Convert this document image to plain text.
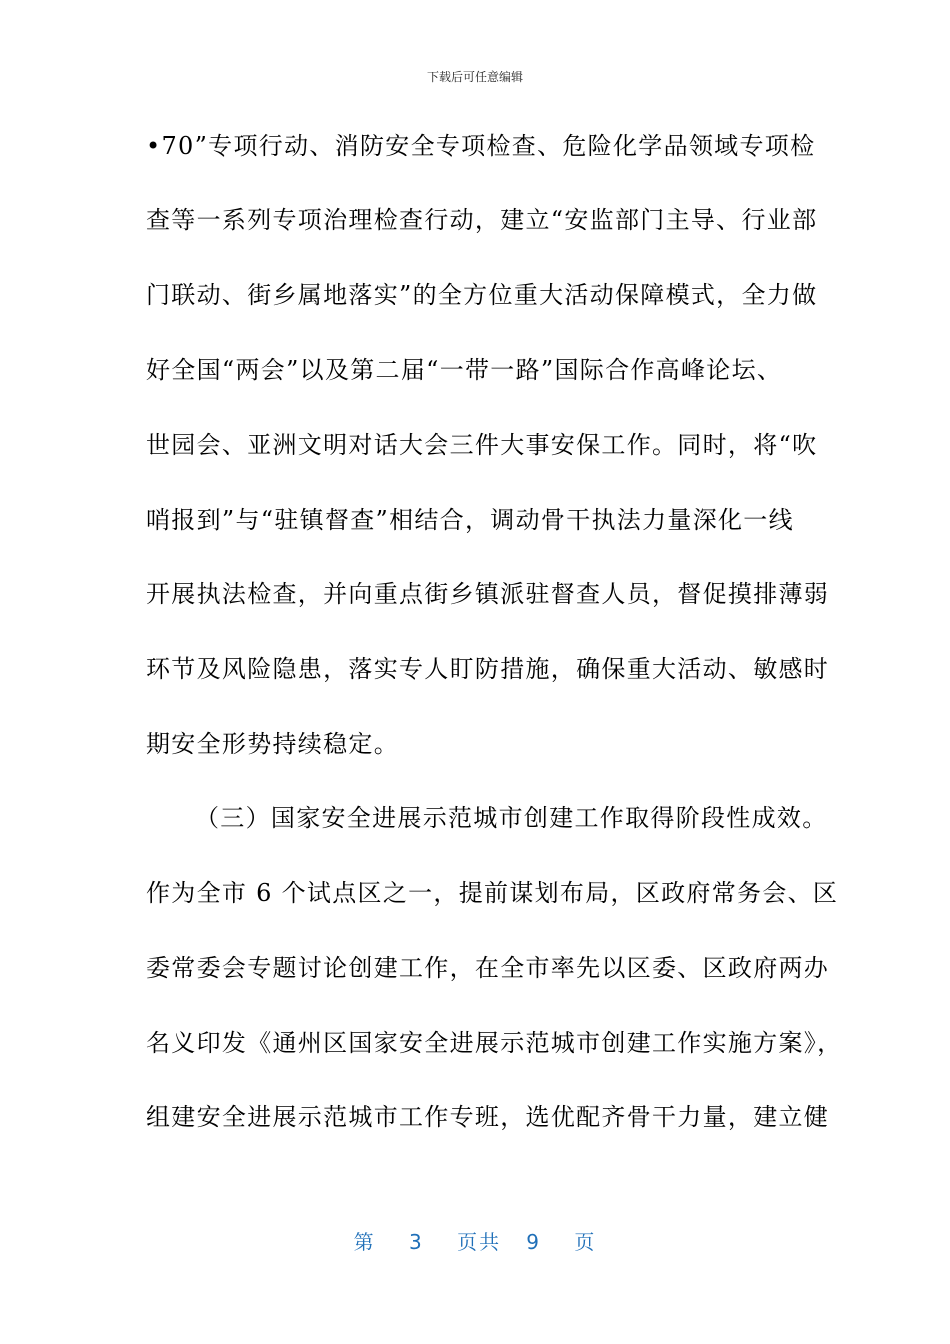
下载后可任意编辑
•70”专项行动、消防安全专项检查、危险化学品领域专项检
查等一系列专项治理检查行动，建立“安监部门主导、行业部
门联动、街乡属地落实”的全方位重大活动保障模式，全力做
好全国“两会”以及第二届“一带一路”国际合作高峰论坛、
世园会、亚洲文明对话大会三件大事安保工作。同时，将“吹
哨报到”与“驻镇督查”相结合，调动骨干执法力量深化一线
开展执法检查，并向重点街乡镇派驻督查人员，督促摸排薄弱
环节及风险隐患，落实专人盯防措施，确保重大活动、敏感时
期安全形势持续稳定。
（三）国家安全进展示范城市创建工作取得阶段性成效。
作为全市 6 个试点区之一，提前谋划布局，区政府常务会、区
委常委会专题讨论创建工作，在全市率先以区委、区政府两办
名义印发《通州区国家安全进展示范城市创建工作实施方案》，
组建安全进展示范城市工作专班，选优配齐骨干力量，建立健
第 3 页共 9 页
